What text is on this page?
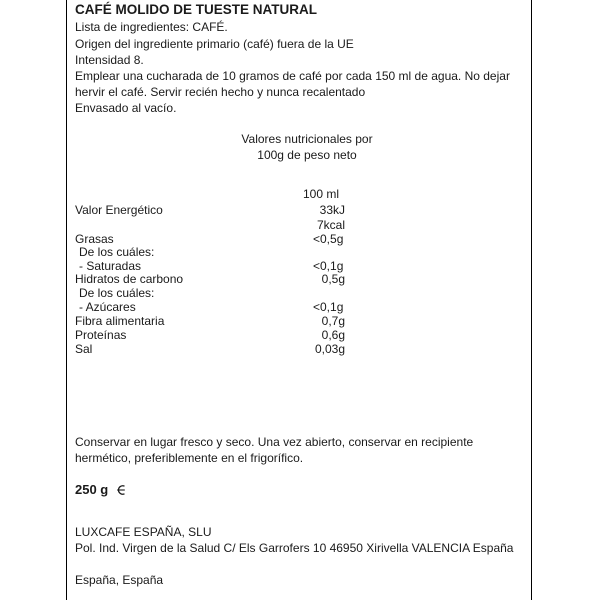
CAFÉ MOLIDO DE TUESTE NATURAL
Lista de ingredientes: CAFÉ.
Origen del ingrediente primario (café) fuera de la UE
Intensidad 8.
Emplear una cucharada de 10 gramos de café por cada 150 ml de agua. No dejar
hervir el café. Servir recién hecho y nunca recalentado
Envasado al vacío.
Valores nutricionales por
100g de peso neto
100 ml
Valor Energético	33kJ
7kcal
Grasas	<0,5g
De los cuáles:
- Saturadas	<0,1g
Hidratos de carbono	0,5g
De los cuáles:
- Azúcares	<0,1g
Fibra alimentaria	0,7g
Proteínas	0,6g
Sal	0,03g
Conservar en lugar fresco y seco. Una vez abierto, conservar en recipiente
hermético, preferiblemente en el frigorífico.
250 g
LUXCAFE ESPAÑA, SLU
Pol. Ind. Virgen de la Salud C/ Els Garrofers 10 46950 Xirivella VALENCIA España
España, España
